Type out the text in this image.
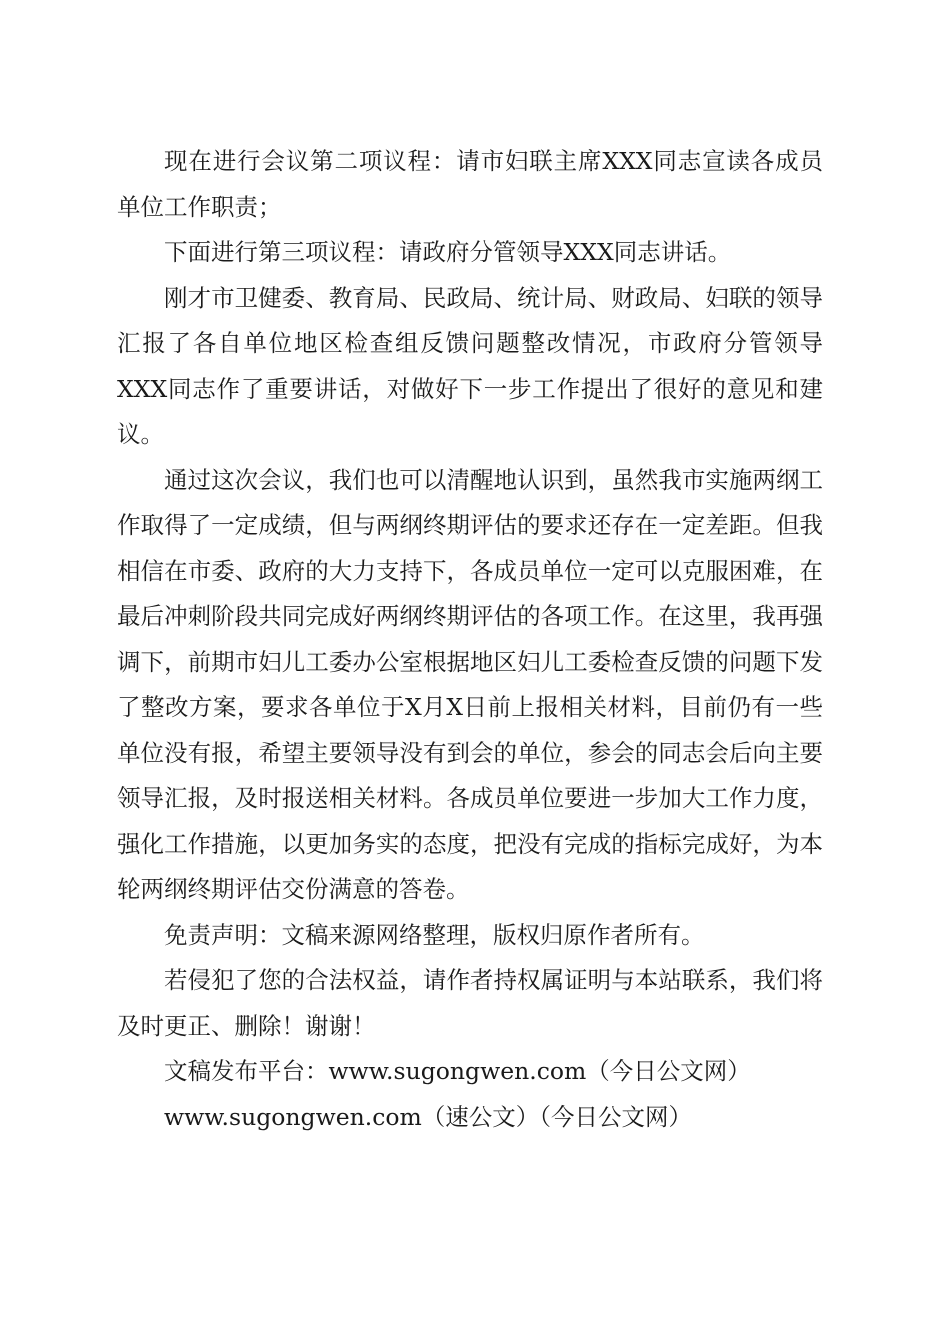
现在进行会议第二项议程：请市妇联主席XXX同志宣读各成员单位工作职责；

下面进行第三项议程：请政府分管领导XXX同志讲话。

刚才市卫健委、教育局、民政局、统计局、财政局、妇联的领导汇报了各自单位地区检查组反馈问题整改情况，市政府分管领导XXX同志作了重要讲话，对做好下一步工作提出了很好的意见和建议。

通过这次会议，我们也可以清醒地认识到，虽然我市实施两纲工作取得了一定成绩，但与两纲终期评估的要求还存在一定差距。但我相信在市委、政府的大力支持下，各成员单位一定可以克服困难，在最后冲刺阶段共同完成好两纲终期评估的各项工作。在这里，我再强调下，前期市妇儿工委办公室根据地区妇儿工委检查反馈的问题下发了整改方案，要求各单位于X月X日前上报相关材料，目前仍有一些单位没有报，希望主要领导没有到会的单位，参会的同志会后向主要领导汇报，及时报送相关材料。各成员单位要进一步加大工作力度，强化工作措施，以更加务实的态度，把没有完成的指标完成好，为本轮两纲终期评估交份满意的答卷。

免责声明：文稿来源网络整理，版权归原作者所有。

若侵犯了您的合法权益，请作者持权属证明与本站联系，我们将及时更正、删除！谢谢！

文稿发布平台：www.sugongwen.com（今日公文网）

www.sugongwen.com（速公文）（今日公文网）
